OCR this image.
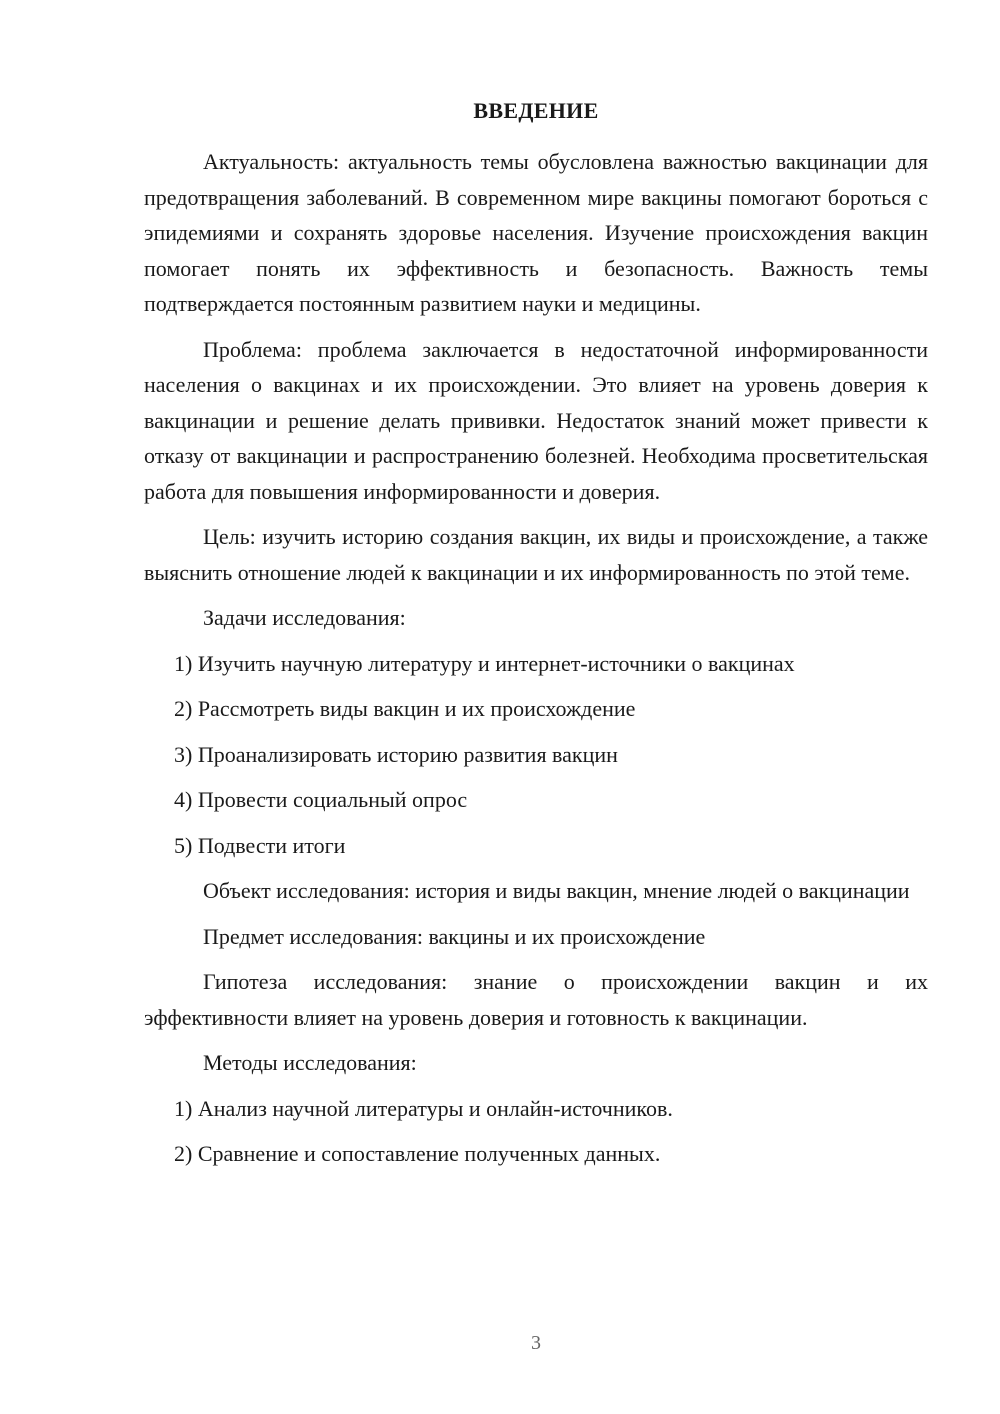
ВВЕДЕНИЕ

Актуальность: актуальность темы обусловлена важностью вакцинации для предотвращения заболеваний. В современном мире вакцины помогают бороться с эпидемиями и сохранять здоровье населения. Изучение происхождения вакцин помогает понять их эффективность и безопасность. Важность темы подтверждается постоянным развитием науки и медицины.

Проблема: проблема заключается в недостаточной информированности населения о вакцинах и их происхождении. Это влияет на уровень доверия к вакцинации и решение делать прививки. Недостаток знаний может привести к отказу от вакцинации и распространению болезней. Необходима просветительская работа для повышения информированности и доверия.

Цель: изучить историю создания вакцин, их виды и происхождение, а также выяснить отношение людей к вакцинации и их информированность по этой теме.

Задачи исследования:

1) Изучить научную литературу и интернет-источники о вакцинах

2) Рассмотреть виды вакцин и их происхождение

3) Проанализировать историю развития вакцин

4) Провести социальный опрос

5) Подвести итоги

Объект исследования: история и виды вакцин, мнение людей о вакцинации

Предмет исследования: вакцины и их происхождение

Гипотеза исследования: знание о происхождении вакцин и их эффективности влияет на уровень доверия и готовность к вакцинации.

Методы исследования:

1) Анализ научной литературы и онлайн-источников.

2) Сравнение и сопоставление полученных данных.

3
